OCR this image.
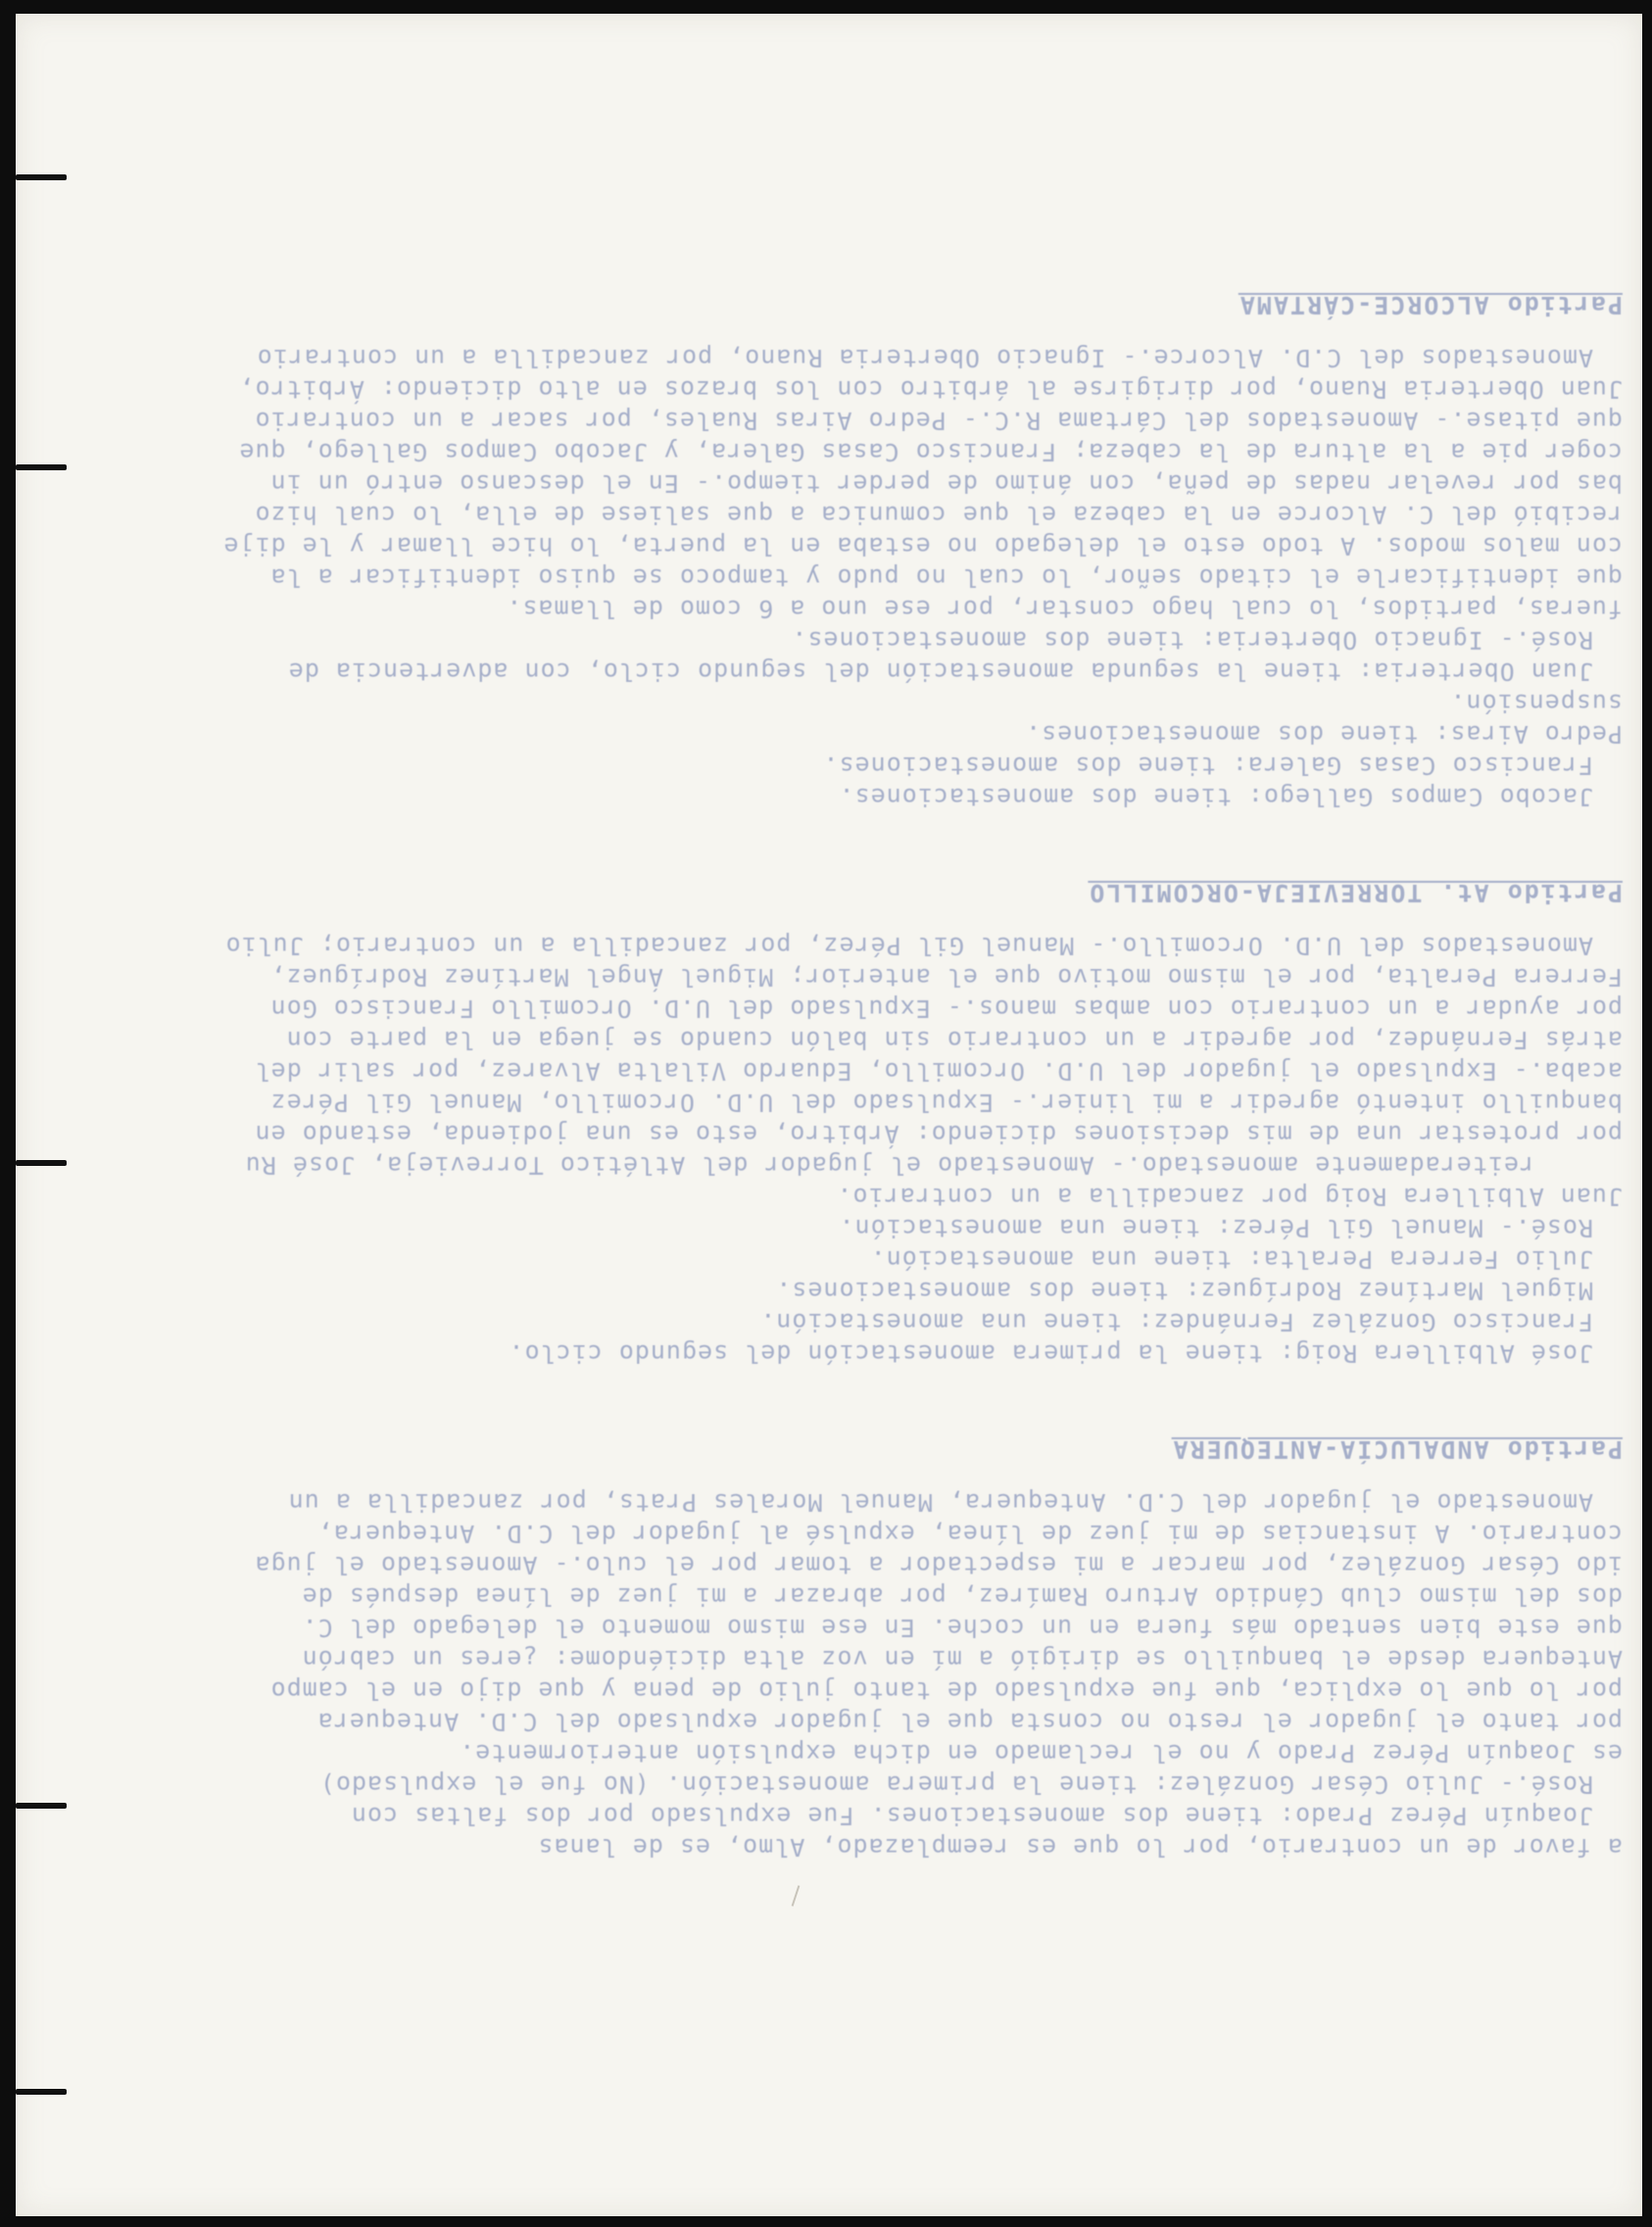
a favor de un contrario, por lo que es reemplazado, Almo, es de lanas
Joaquín Pérez Prado: tiene dos amonestaciones. Fue expulsado por dos faltas con
Rosé.- Julio César González: tiene la primera amonestación. (No fue el expulsado)
es Joaquín Pérez Prado y no el reclamado en dicha expulsión anteriormente.
por tanto el jugador el resto no consta que el jugador expulsado del C.D. Antequera
por lo que lo explica, que fue expulsado de tanto julio de pena y que dijo en el campo
Antequera desde el banquillo se dirigió a mí en voz alta diciéndome: ¿eres un cabrón
que este bien sentado más fuera en un coche. En ese mismo momento el delegado del C.
dos del mismo club Cándido Arturo Ramírez, por abrazar a mi juez de línea después de
ido César González, por marcar a mi espectador a tomar por el culo.- Amonestado el juga
contrario. A instancias de mi juez de línea, expulsé al jugador del C.D. Antequera,
Amonestado el jugador del C.D. Antequera, Manuel Morales Prats, por zancadilla a un
Partido ANDALUCÍA-ANTEQUERA
José Albillera Roig: tiene la primera amonestación del segundo ciclo.
Francisco González Fernández: tiene una amonestación.
Miguel Martínez Rodríguez: tiene dos amonestaciones.
Julio Ferrera Peralta: tiene una amonestación.
Rosé.- Manuel Gil Pérez: tiene una amonestación.
Juan Albillera Roig por zancadilla a un contrario.
reiteradamente amonestado.- Amonestado el jugador del Atlético Torrevieja, José Ru
por protestar una de mis decisiones diciendo: Árbitro, esto es una jodienda, estando en
banquillo intentó agredir a mi linier.- Expulsado del U.D. Orcomillo, Manuel Gil Pérez
acaba.- Expulsado el jugador del U.D. Orcomillo, Eduardo Vilalta Alvarez, por salir del
atrás Fernández, por agredir a un contrario sin balón cuando se juega en la parte con
por ayudar a un contrario con ambas manos.- Expulsado del U.D. Orcomillo Francisco Gon
Ferrera Peralta, por el mismo motivo que el anterior; Miguel Ángel Martínez Rodríguez,
Amonestados del U.D. Orcomillo.- Manuel Gil Pérez, por zancadilla a un contrario; Julio
Partido At. TORREVIEJA-ORCOMILLO
Jacobo Campos Gallego: tiene dos amonestaciones.
Francisco Casas Galera: tiene dos amonestaciones.
Pedro Airas: tiene dos amonestaciones.
suspensión.
Juan Oberteria: tiene la segunda amonestación del segundo ciclo, con advertencia de
Rosé.- Ignacio Oberteria: tiene dos amonestaciones.
fueras, partidos, lo cual hago constar, por ese uno a 6 como de llamas.
que identificarle el citado señor, lo cual no pudo y tampoco se quiso identificar a la
con malos modos. A todo esto el delegado no estaba en la puerta, lo hice llamar y le dije
recibió del C. Alcorce en la cabeza el que comunica a que saliese de ella, lo cual hizo
bas por revelar nadas de peña, con ánimo de perder tiempo.- En el descanso entró un in
coger pie a la altura de la cabeza; Francisco Casas Galera, y Jacobo Campos Gallego, que
que pitase.- Amonestados del Cártama R.C.- Pedro Airas Ruales, por sacar a un contrario
Juan Oberteria Ruano, por dirigirse al árbitro con los brazos en alto diciendo: Árbitro,
Amonestados del C.D. Alcorce.- Ignacio Oberteria Ruano, por zancadilla a un contrario
Partido ALCORCE-CÁRTAMA
